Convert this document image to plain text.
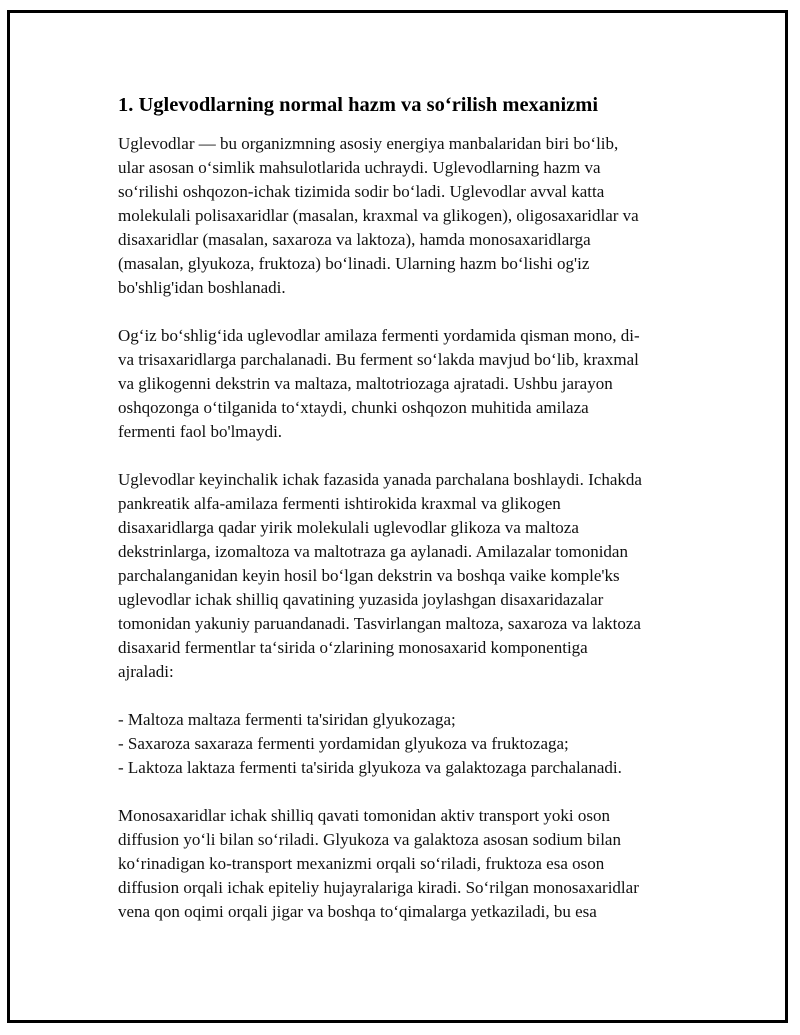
1. Uglevodlarning normal hazm va so‘rilish mexanizmi

Uglevodlar — bu organizmning asosiy energiya manbalaridan biri bo‘lib,
ular asosan o‘simlik mahsulotlarida uchraydi. Uglevodlarning hazm va
so‘rilishi oshqozon-ichak tizimida sodir bo‘ladi. Uglevodlar avval katta
molekulali polisaxaridlar (masalan, kraxmal va glikogen), oligosaxaridlar va
disaxaridlar (masalan, saxaroza va laktoza), hamda monosaxaridlarga
(masalan, glyukoza, fruktoza) bo‘linadi. Ularning hazm bo‘lishi og'iz
bo'shlig'idan boshlanadi.

Og‘iz bo‘shlig‘ida uglevodlar amilaza fermenti yordamida qisman mono, di-
va trisaxaridlarga parchalanadi. Bu ferment so‘lakda mavjud bo‘lib, kraxmal
va glikogenni dekstrin va maltaza, maltotriozaga ajratadi. Ushbu jarayon
oshqozonga o‘tilganida to‘xtaydi, chunki oshqozon muhitida amilaza
fermenti faol bo'lmaydi.

Uglevodlar keyinchalik ichak fazasida yanada parchalana boshlaydi. Ichakda
pankreatik alfa-amilaza fermenti ishtirokida kraxmal va glikogen
disaxaridlarga qadar yirik molekulali uglevodlar glikoza va maltoza
dekstrinlarga, izomaltoza va maltotraza ga aylanadi. Amilazalar tomonidan
parchalanganidan keyin hosil bo‘lgan dekstrin va boshqa vaike komple'ks
uglevodlar ichak shilliq qavatining yuzasida joylashgan disaxaridazalar
tomonidan yakuniy paruandanadi. Tasvirlangan maltoza, saxaroza va laktoza
disaxarid fermentlar ta‘sirida o‘zlarining monosaxarid komponentiga
ajraladi:

- Maltoza maltaza fermenti ta'siridan glyukozaga;
- Saxaroza saxaraza fermenti yordamidan glyukoza va fruktozaga;
- Laktoza laktaza fermenti ta'sirida glyukoza va galaktozaga parchalanadi.

Monosaxaridlar ichak shilliq qavati tomonidan aktiv transport yoki oson
diffusion yo‘li bilan so‘riladi. Glyukoza va galaktoza asosan sodium bilan
ko‘rinadigan ko-transport mexanizmi orqali so‘riladi, fruktoza esa oson
diffusion orqali ichak epiteliy hujayralariga kiradi. So‘rilgan monosaxaridlar
vena qon oqimi orqali jigar va boshqa to‘qimalarga yetkaziladi, bu esa
